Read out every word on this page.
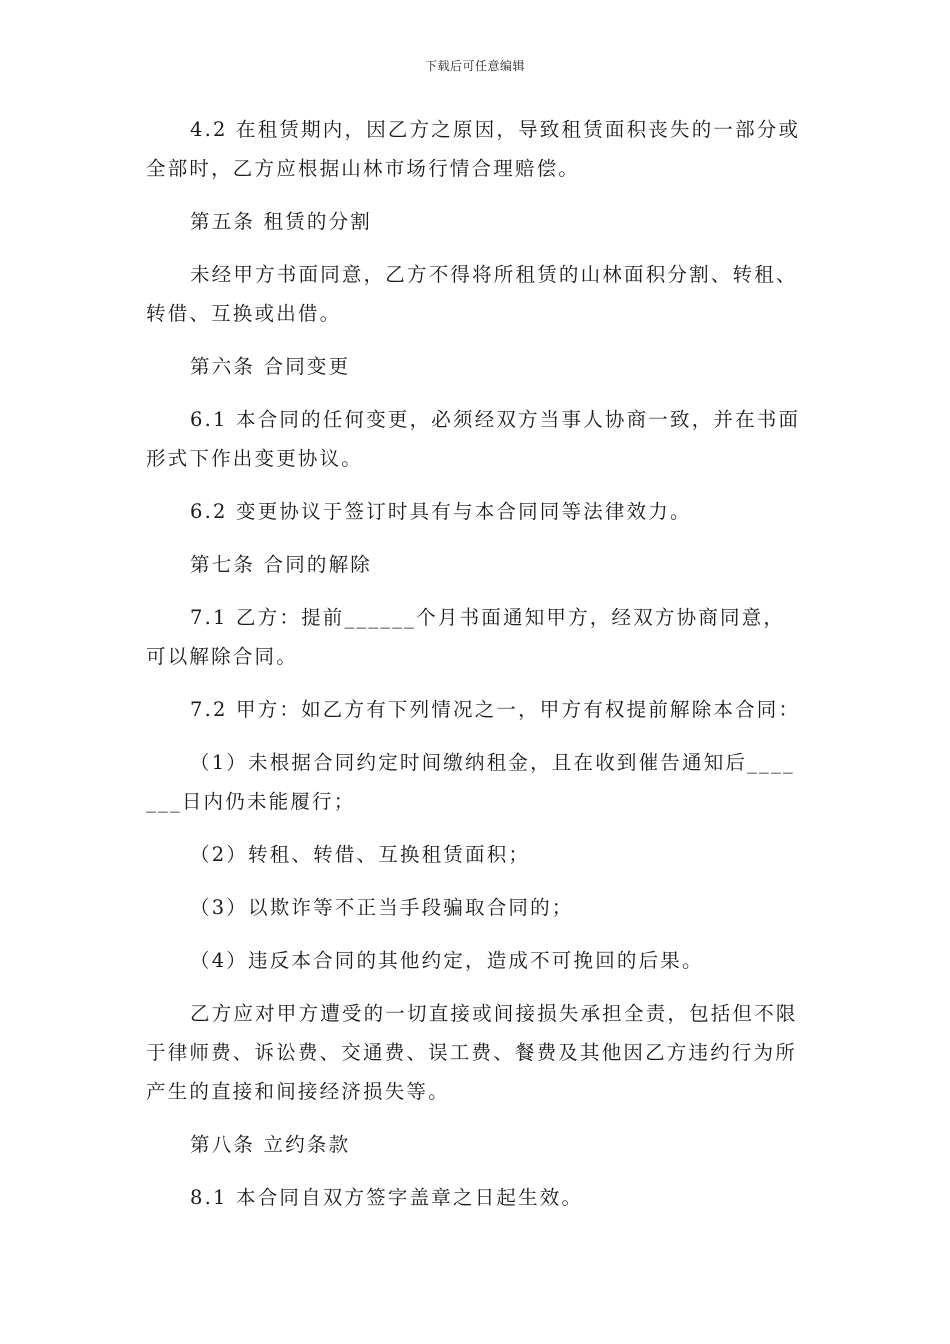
下载后可任意编辑

4.2 在租赁期内，因乙方之原因，导致租赁面积丧失的一部分或全部时，乙方应根据山林市场行情合理赔偿。

第五条 租赁的分割

未经甲方书面同意，乙方不得将所租赁的山林面积分割、转租、转借、互换或出借。

第六条 合同变更

6.1 本合同的任何变更，必须经双方当事人协商一致，并在书面形式下作出变更协议。

6.2 变更协议于签订时具有与本合同同等法律效力。

第七条 合同的解除

7.1 乙方：提前______个月书面通知甲方，经双方协商同意，可以解除合同。

7.2 甲方：如乙方有下列情况之一，甲方有权提前解除本合同：

（1）未根据合同约定时间缴纳租金，且在收到催告通知后_______日内仍未能履行；

（2）转租、转借、互换租赁面积；

（3）以欺诈等不正当手段骗取合同的；

（4）违反本合同的其他约定，造成不可挽回的后果。

乙方应对甲方遭受的一切直接或间接损失承担全责，包括但不限于律师费、诉讼费、交通费、误工费、餐费及其他因乙方违约行为所产生的直接和间接经济损失等。

第八条 立约条款

8.1 本合同自双方签字盖章之日起生效。
